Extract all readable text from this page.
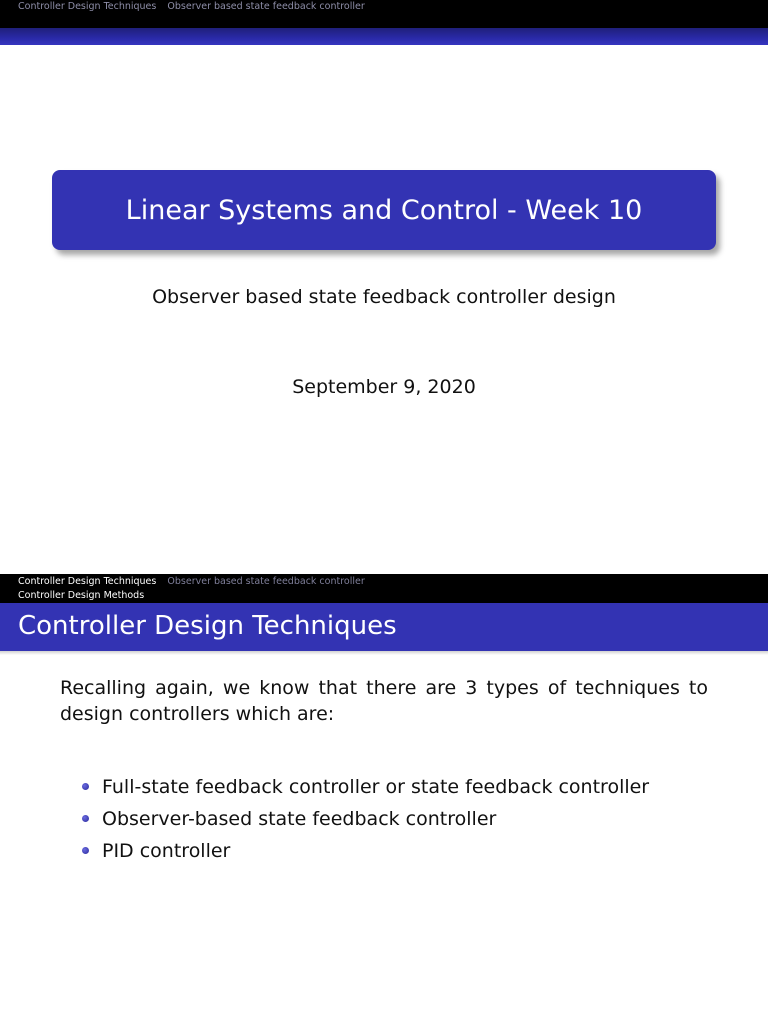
Controller Design Techniques Observer based state feedback controller
Linear Systems and Control - Week 10
Observer based state feedback controller design
September 9, 2020
Controller Design Techniques Observer based state feedback controller
Controller Design Methods
Controller Design Techniques
Recalling again, we know that there are 3 types of techniques to design controllers which are:
Full-state feedback controller or state feedback controller
Observer-based state feedback controller
PID controller
